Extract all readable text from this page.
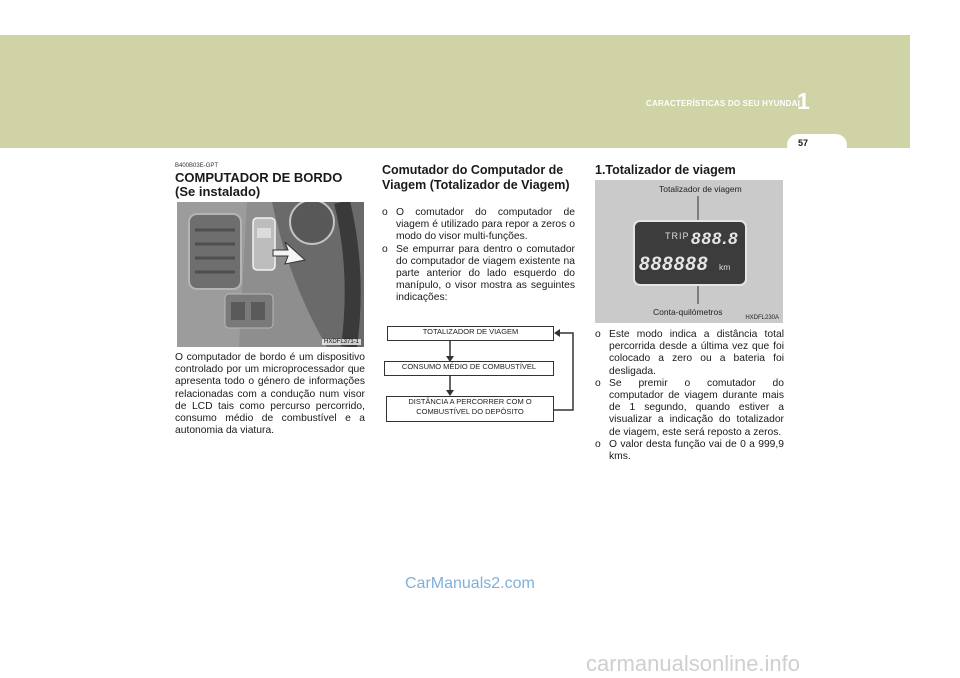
CARACTERÍSTICAS DO SEU HYUNDAI
1
57
B400B03E-GPT
COMPUTADOR DE BORDO
(Se instalado)
HXDFL371-1
O computador de bordo é um dispositivo controlado por um microprocessador que apresenta todo o género de informações relacionadas com a condução num visor de LCD tais como percurso percorrido, consumo médio de combustível e a autonomia da viatura.
Comutador do Computador de Viagem (Totalizador de Viagem)
o O comutador do computador de viagem é utilizado para repor a zeros o modo do visor multi-funções.
o Se empurrar para dentro o comutador do computador de viagem existente na parte anterior do lado esquerdo do manípulo, o visor mostra as seguintes indicações:
TOTALIZADOR DE VIAGEM
CONSUMO MÉDIO DE COMBUSTÍVEL
DISTÂNCIA A PERCORRER COM O
COMBUSTÍVEL DO DEPÓSITO
1.Totalizador de viagem
Totalizador de viagem
TRIP 888.8
888888 km
Conta-quilómetros
HXDFL230A
o Este modo indica a distância total percorrida desde a última vez que foi colocado a zero ou a bateria foi desligada.
o Se premir o comutador do computador de viagem durante mais de 1 segundo, quando estiver a visualizar a indicação do totalizador de viagem, este será reposto a zeros.
o O valor desta função vai de 0 a 999,9 kms.
CarManuals2.com
carmanualsonline.info
